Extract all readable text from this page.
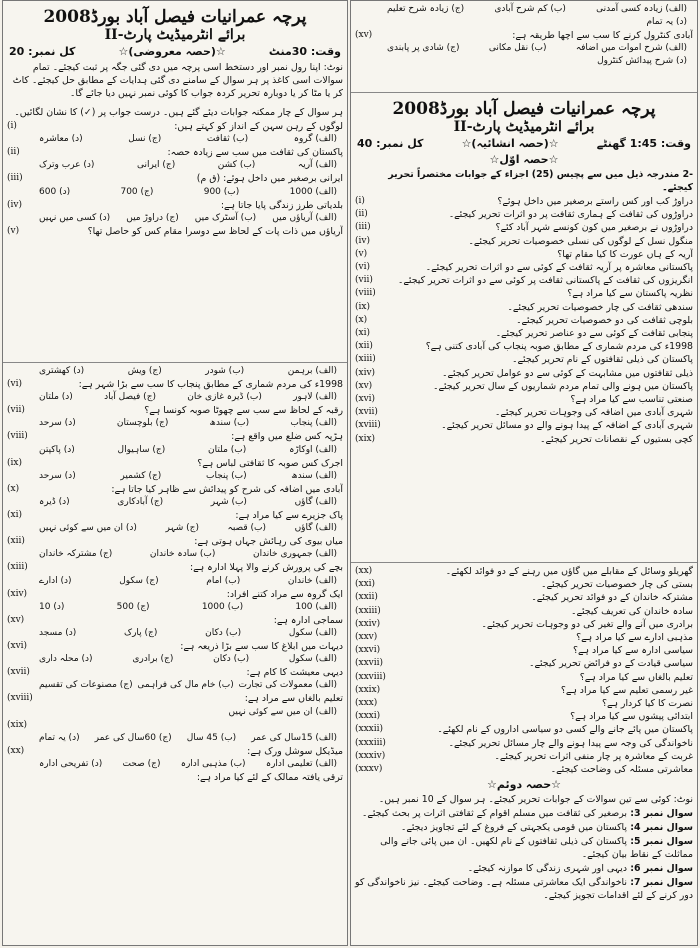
پرچہ عمرانیات فیصل آباد بورڈ2008
برائے انٹرمیڈیٹ پارٹ-II
وقت: 30منٹ
☆(حصہ معروضی)☆
کل نمبر: 20
نوٹ: اپنا رول نمبر اور دستخط اسی پرچہ میں دی گئی جگہ پر ثبت کیجئے۔ تمام سوالات اسی کاغذ پر ہر سوال کے سامنے دی گئی ہدایات کے مطابق حل کیجئے۔ کاٹ کر یا مٹا کر یا دوبارہ تحریر کردہ جواب کا کوئی نمبر نہیں دیا جائے گا۔
ہر سوال کے چار ممکنہ جوابات دیئے گئے ہیں۔ درست جواب پر (✓) کا نشان لگائیں۔
لوگوں کے رہن سہن کے انداز کو کہتے ہیں:
(i)
(الف) گروہ
(ب) ثقافت
(ج) نسل
(د) معاشرہ
پاکستان کی ثقافت میں سب سے زیادہ حصہ:
(ii)
(الف) آریہ
(ب) کشن
(ج) ایرانی
(د) عرب وترک
ایرانی برصغیر میں داخل ہوئے: (ق م)
(iii)
(الف) 1000
(ب) 900
(ج) 700
(د) 600
بلدیاتی طرز زندگی پایا جاتا ہے:
(iv)
(الف) آریاؤں میں
(ب) آسٹرک میں
(ج) دراوڑ میں
(د) کسی میں نہیں
آریاؤں میں ذات پات کے لحاظ سے دوسرا مقام کس کو حاصل تھا؟
(v)
(الف) برہمن
(ب) شودر
(ج) ویش
(د) کھشتری
1998ء کی مردم شماری کے مطابق پنجاب کا سب سے بڑا شہر ہے:
(vi)
(الف) لاہور
(ب) ڈیرہ غازی خان
(ج) فیصل آباد
(د) ملتان
رقبہ کے لحاظ سے سب سے چھوٹا صوبہ کونسا ہے؟
(vii)
(الف) پنجاب
(ب) سندھ
(ج) بلوچستان
(د) سرحد
ہڑپہ کس ضلع میں واقع ہے:
(viii)
(الف) اوکاڑہ
(ب) ملتان
(ج) ساہیوال
(د) پاکپتن
اجرک کس صوبہ کا ثقافتی لباس ہے؟
(ix)
(الف) سندھ
(ب) پنجاب
(ج) کشمیر
(د) سرحد
آبادی میں اضافہ کی شرح کو پیدائش سے ظاہر کیا جاتا ہے:
(x)
(الف) گاؤں
(ب) شہر
(ج) آبادکاری
(د) ڈیرہ
پاک جزیرے سے کیا مراد ہے:
(xi)
(الف) گاؤں
(ب) قصبہ
(ج) شہر
(د) ان میں سے کوئی نہیں
میاں بیوی کی رہائش جہاں ہوتی ہے:
(xii)
(الف) جمہوری خاندان
(ب) سادہ خاندان
(ج) مشترکہ خاندان
بچے کی پرورش کرنے والا پہلا ادارہ ہے:
(xiii)
(الف) خاندان
(ب) امام
(ج) سکول
(د) ادارے
ایک گروہ سے مراد کتنے افراد:
(xiv)
(الف) 100
(ب) 1000
(ج) 500
(د) 10
سماجی ادارہ ہے:
(xv)
(الف) سکول
(ب) دکان
(ج) پارک
(د) مسجد
دیہات میں ابلاغ کا سب سے بڑا ذریعہ ہے:
(xvi)
(الف) سکول
(ب) دکان
(ج) برادری
(د) محلہ داری
دیہی معیشت کا کام ہے:
(xvii)
(الف) معمولات کی تجارت
(ب) خام مال کی فراہمی
(ج) مصنوعات کی تقسیم
تعلیم بالغاں سے مراد ہے:
(xviii)
(الف) ان میں سے کوئی نہیں
(xix)
(الف) 15سال کی عمر
(ب) 45 سال
(ج) 60سال کی عمر
(د) یہ تمام
میڈیکل سوشل ورک ہے:
(xx)
(الف) تعلیمی ادارہ
(ب) مذہبی ادارہ
(ج) صحت
(د) تفریحی ادارہ
ترقی یافتہ ممالک کے لئے کیا مراد ہے:
(الف) زیادہ کسی آمدنی
(ب) کم شرح آبادی
(ج) زیادہ شرح تعلیم
(د) یہ تمام
آبادی کنٹرول کرنے کا سب سے اچھا طریقہ ہے:
(xv)
(الف) شرح اموات میں اضافہ
(ب) نقل مکانی
(ج) شادی پر پابندی
(د) شرح پیدائش کنٹرول
پرچہ عمرانیات فیصل آباد بورڈ2008
برائے انٹرمیڈیٹ پارٹ-II
وقت: 1:45 گھنٹے
☆(حصہ انشائیہ)☆
کل نمبر: 40
☆حصہ اوّل☆
-2 مندرجہ ذیل میں سے پچیس (25) اجزاء کے جوابات مختصراً تحریر کیجئے۔
دراوڑ کب اور کس راستے برصغیر میں داخل ہوئے؟
(i)
دراوڑوں کی ثقافت کے ہماری ثقافت پر دو اثرات تحریر کیجئے۔
(ii)
دراوڑوں نے برصغیر میں کون کونسے شہر آباد کئے؟
(iii)
منگول نسل کے لوگوں کی نسلی خصوصیات تحریر کیجئے۔
(iv)
آریہ کے ہاں عورت کا کیا مقام تھا؟
(v)
پاکستانی معاشرہ پر آریہ ثقافت کے کوئی سے دو اثرات تحریر کیجئے۔
(vi)
انگریزوں کی ثقافت کے پاکستانی ثقافت پر کوئی سے دو اثرات تحریر کیجئے۔
(vii)
نظریہ پاکستان سے کیا مراد ہے؟
(viii)
سندھی ثقافت کی چار خصوصیات تحریر کیجئے۔
(ix)
بلوچی ثقافت کی دو خصوصیات تحریر کیجئے۔
(x)
پنجابی ثقافت کے کوئی سے دو عناصر تحریر کیجئے۔
(xi)
1998ء کی مردم شماری کے مطابق صوبہ پنجاب کی آبادی کتنی ہے؟
(xii)
پاکستان کی ذیلی ثقافتوں کے نام تحریر کیجئے۔
(xiii)
ذیلی ثقافتوں میں مشابہت کے کوئی سے دو عوامل تحریر کیجئے۔
(xiv)
پاکستان میں ہونے والی تمام مردم شماریوں کے سال تحریر کیجئے۔
(xv)
صنعتی تناسب سے کیا مراد ہے؟
(xvi)
شہری آبادی میں اضافہ کی وجوہات تحریر کیجئے۔
(xvii)
شہری آبادی کے اضافہ کے پیدا ہونے والے دو مسائل تحریر کیجئے۔
(xviii)
کچی بستیوں کے نقصانات تحریر کیجئے۔
(xix)
گھریلو وسائل کے مقابلے میں گاؤں میں رہنے کے دو فوائد لکھئے۔
(xx)
بستی کی چار خصوصیات تحریر کیجئے۔
(xxi)
مشترکہ خاندان کے دو فوائد تحریر کیجئے۔
(xxii)
سادہ خاندان کی تعریف کیجئے۔
(xxiii)
برادری میں آنے والے تغیر کی دو وجوہات تحریر کیجئے۔
(xxiv)
مذہبی ادارے سے کیا مراد ہے؟
(xxv)
سیاسی ادارہ سے کیا مراد ہے؟
(xxvi)
سیاسی قیادت کے دو فرائض تحریر کیجئے۔
(xxvii)
تعلیم بالغاں سے کیا مراد ہے؟
(xxviii)
غیر رسمی تعلیم سے کیا مراد ہے؟
(xxix)
نصرت کا کیا کردار ہے؟
(xxx)
ابتدائی پیشوں سے کیا مراد ہے؟
(xxxi)
پاکستان میں پائے جانے والے کسی دو سیاسی اداروں کے نام لکھئے۔
(xxxii)
ناخواندگی کی وجہ سے پیدا ہونے والے چار مسائل تحریر کیجئے۔
(xxxiii)
غربت کے معاشرہ پر چار منفی اثرات تحریر کیجئے۔
(xxxiv)
معاشرتی مسئلہ کی وضاحت کیجئے۔
(xxxv)
☆حصہ دوئم☆
نوٹ: کوئی سے تین سوالات کے جوابات تحریر کیجئے۔ ہر سوال کے 10 نمبر ہیں۔
سوال نمبر 3: برصغیر کی ثقافت میں مسلم اقوام کے ثقافتی اثرات پر بحث کیجئے۔
سوال نمبر 4: پاکستان میں قومی یکجہتی کے فروغ کے لئے تجاویز دیجئے۔
سوال نمبر 5: پاکستان کی ذیلی ثقافتوں کے نام لکھیں۔ ان میں پائی جانے والی مماثلت کے نقاط بیان کیجئے۔
سوال نمبر 6: دیہی اور شہری زندگی کا موازنہ کیجئے۔
سوال نمبر 7: ناخواندگی ایک معاشرتی مسئلہ ہے۔ وضاحت کیجئے۔ نیز ناخواندگی کو دور کرنے کے لئے اقدامات تجویز کیجئے۔
